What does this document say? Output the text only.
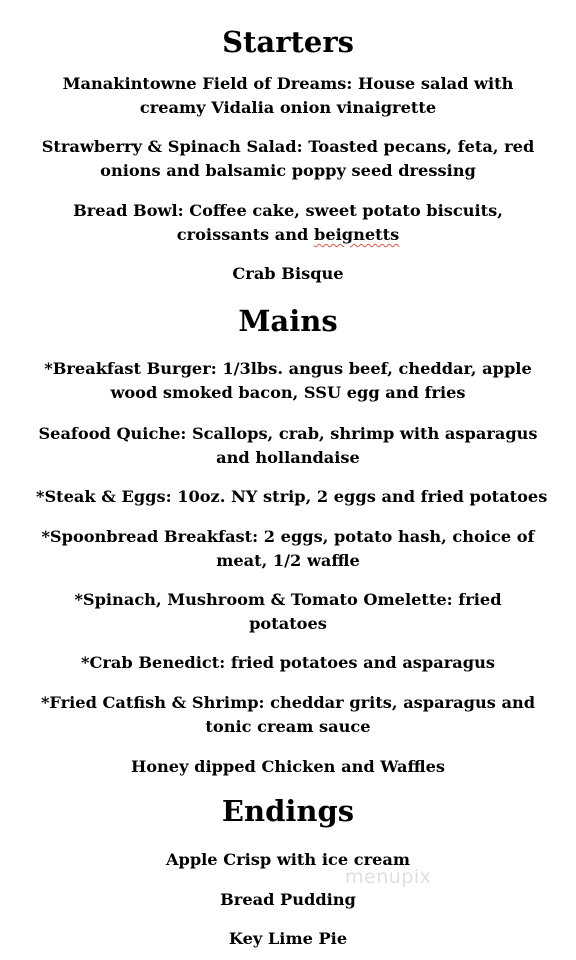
Starters

Manakintowne Field of Dreams: House salad with
creamy Vidalia onion vinaigrette

Strawberry & Spinach Salad: Toasted pecans, feta, red
onions and balsamic poppy seed dressing

Bread Bowl: Coffee cake, sweet potato biscuits,
croissants and beignetts

Crab Bisque

Mains

*Breakfast Burger: 1/3lbs. angus beef, cheddar, apple
wood smoked bacon, SSU egg and fries

Seafood Quiche: Scallops, crab, shrimp with asparagus
and hollandaise

*Steak & Eggs: 10oz. NY strip, 2 eggs and fried potatoes

*Spoonbread Breakfast: 2 eggs, potato hash, choice of
meat, 1/2 waffle

*Spinach, Mushroom & Tomato Omelette: fried
potatoes

*Crab Benedict: fried potatoes and asparagus

*Fried Catfish & Shrimp: cheddar grits, asparagus and
tonic cream sauce

Honey dipped Chicken and Waffles

Endings

Apple Crisp with ice cream

Bread Pudding

Key Lime Pie

menupix
